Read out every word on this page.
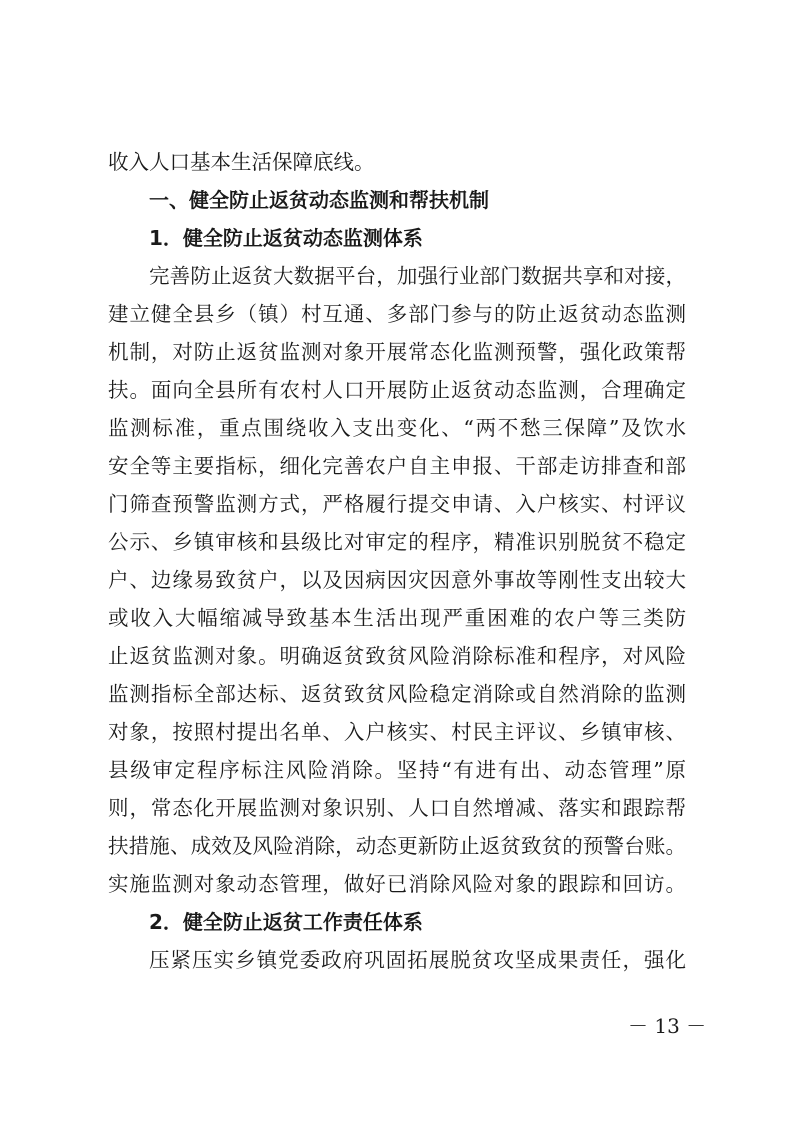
收入人口基本生活保障底线。
一、健全防止返贫动态监测和帮扶机制
1．健全防止返贫动态监测体系
完善防止返贫大数据平台，加强行业部门数据共享和对接，
建立健全县乡（镇）村互通、多部门参与的防止返贫动态监测
机制，对防止返贫监测对象开展常态化监测预警，强化政策帮
扶。面向全县所有农村人口开展防止返贫动态监测，合理确定
监测标准，重点围绕收入支出变化、“两不愁三保障”及饮水
安全等主要指标，细化完善农户自主申报、干部走访排查和部
门筛查预警监测方式，严格履行提交申请、入户核实、村评议
公示、乡镇审核和县级比对审定的程序，精准识别脱贫不稳定
户、边缘易致贫户，以及因病因灾因意外事故等刚性支出较大
或收入大幅缩减导致基本生活出现严重困难的农户等三类防
止返贫监测对象。明确返贫致贫风险消除标准和程序，对风险
监测指标全部达标、返贫致贫风险稳定消除或自然消除的监测
对象，按照村提出名单、入户核实、村民主评议、乡镇审核、
县级审定程序标注风险消除。坚持“有进有出、动态管理”原
则，常态化开展监测对象识别、人口自然增减、落实和跟踪帮
扶措施、成效及风险消除，动态更新防止返贫致贫的预警台账。
实施监测对象动态管理，做好已消除风险对象的跟踪和回访。
2．健全防止返贫工作责任体系
压紧压实乡镇党委政府巩固拓展脱贫攻坚成果责任，强化
－ 13 －
